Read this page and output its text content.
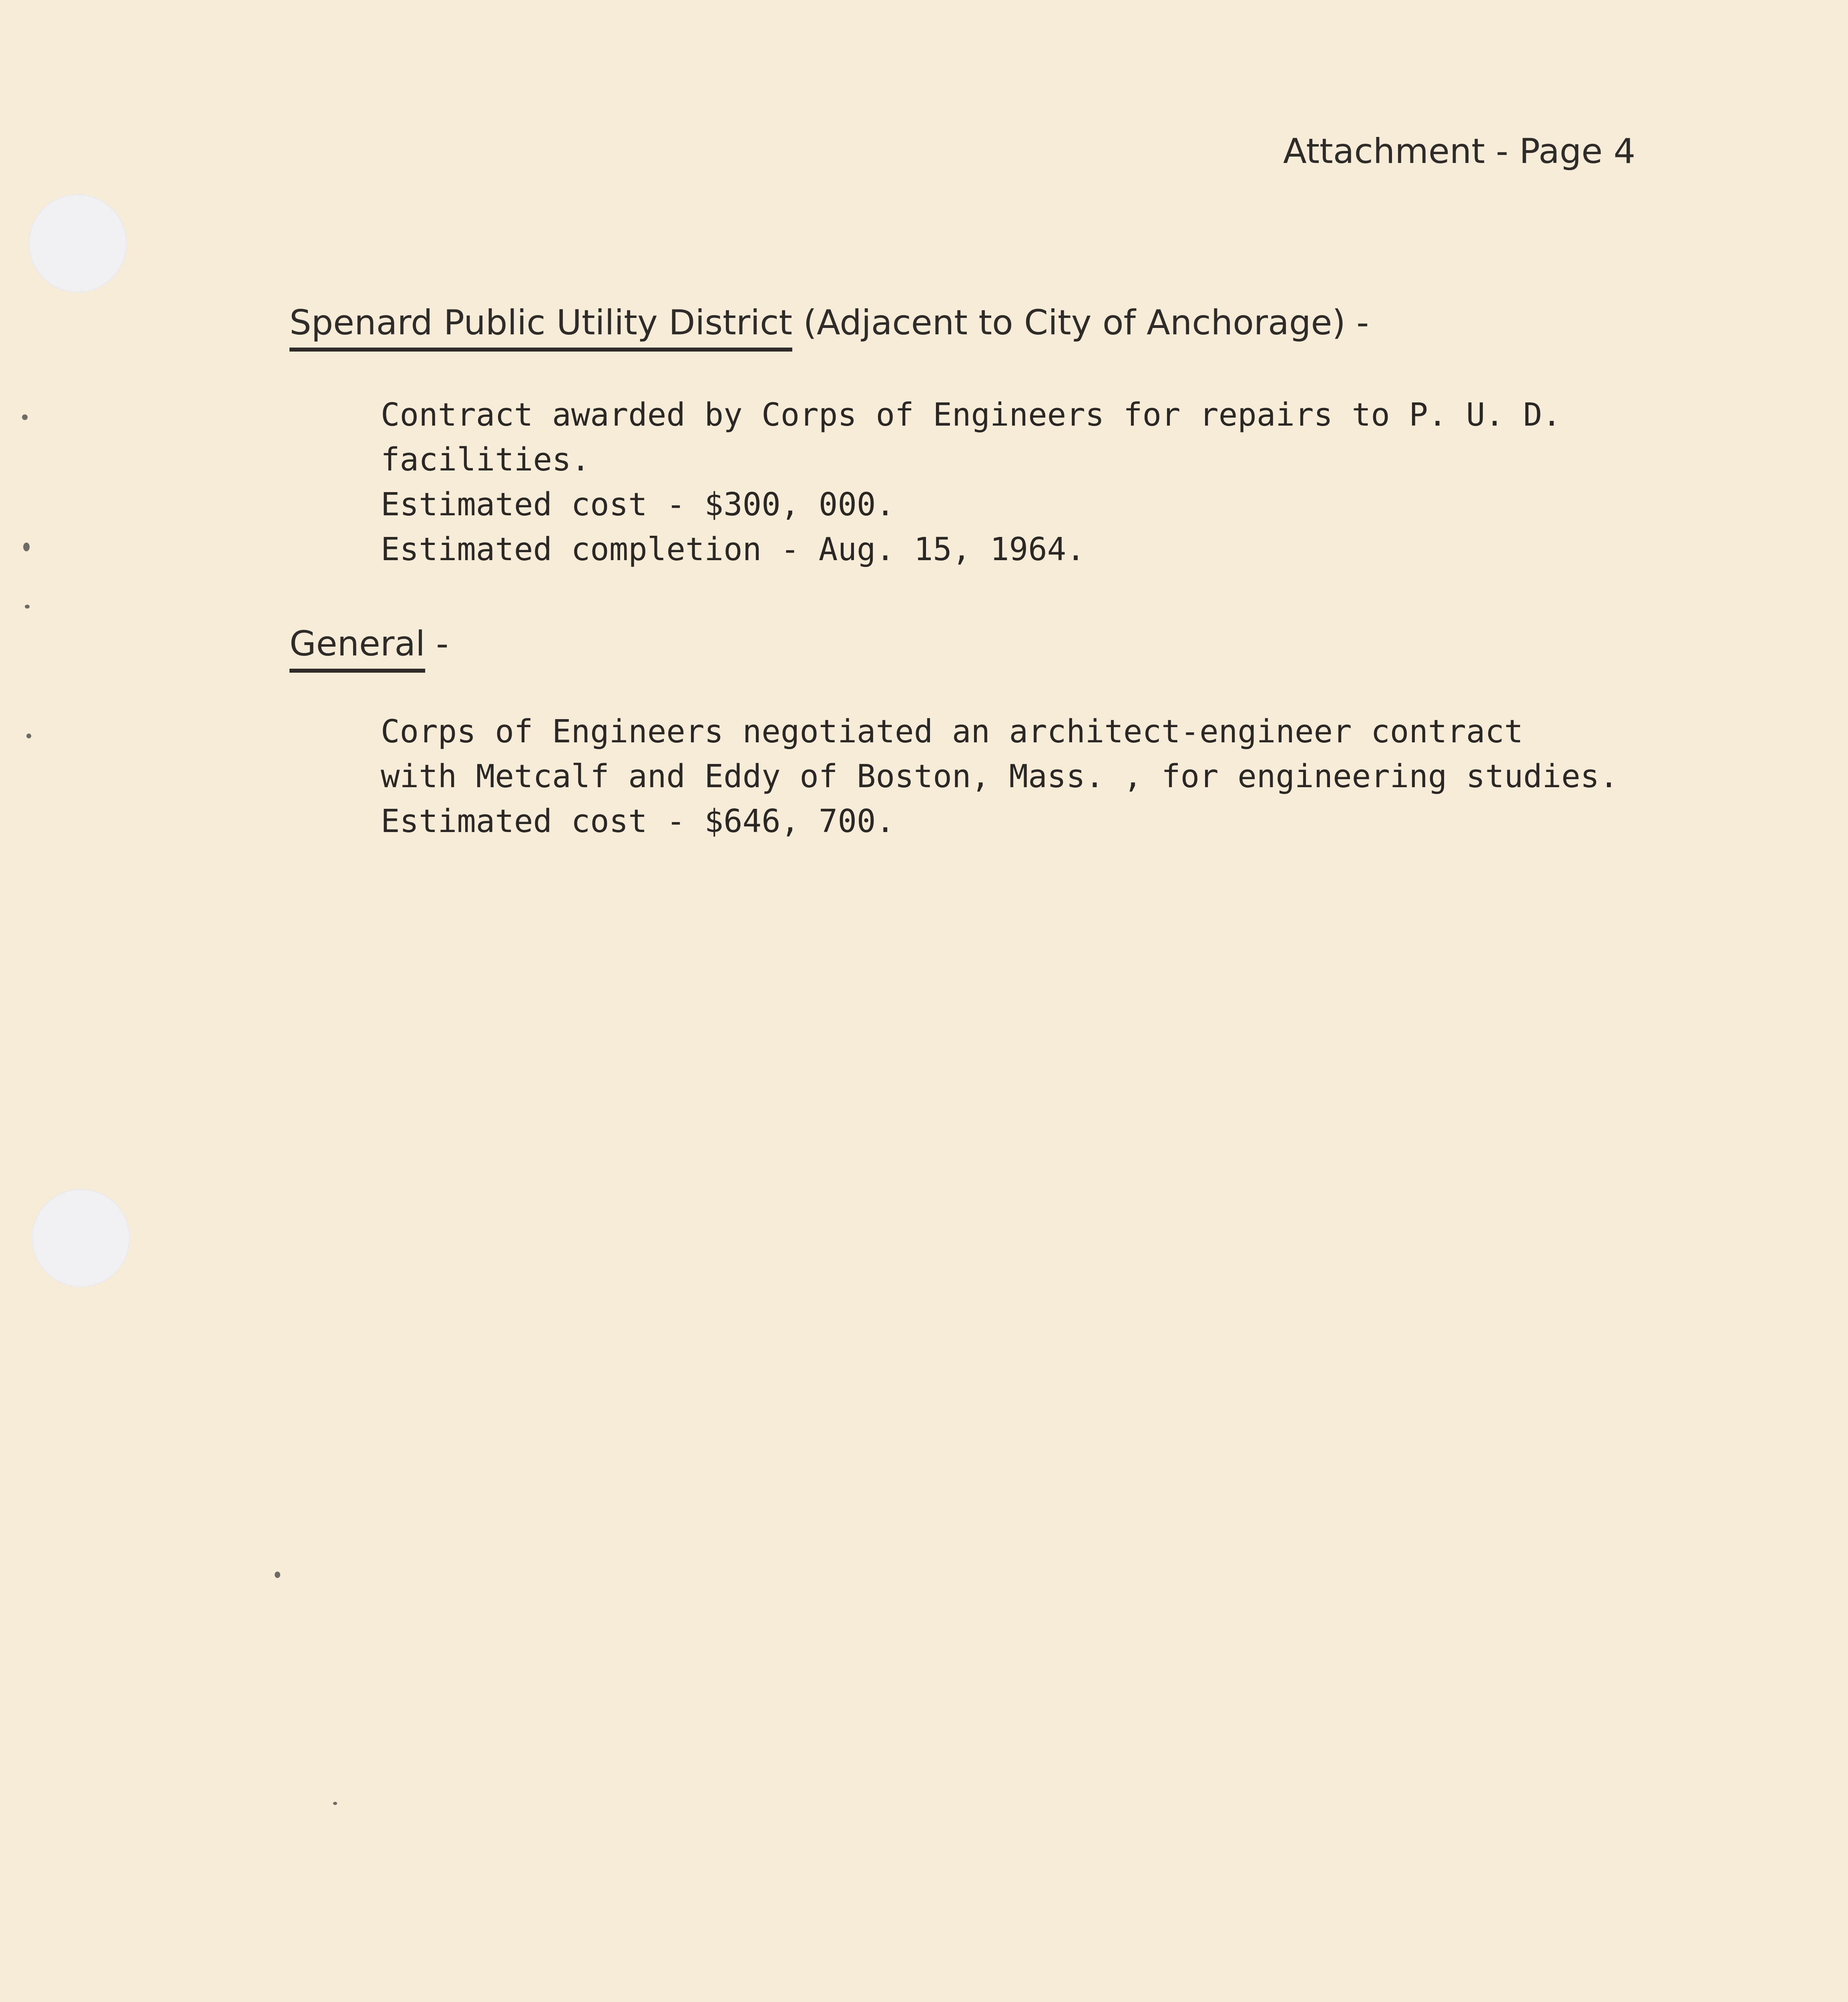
Attachment - Page 4
Spenard Public Utility District (Adjacent to City of Anchorage) -
Contract awarded by Corps of Engineers for repairs to P. U. D.
facilities.
Estimated cost - $300, 000.
Estimated completion - Aug. 15, 1964.
General -
Corps of Engineers negotiated an architect-engineer contract
with Metcalf and Eddy of Boston, Mass. , for engineering studies.
Estimated cost - $646, 700.
